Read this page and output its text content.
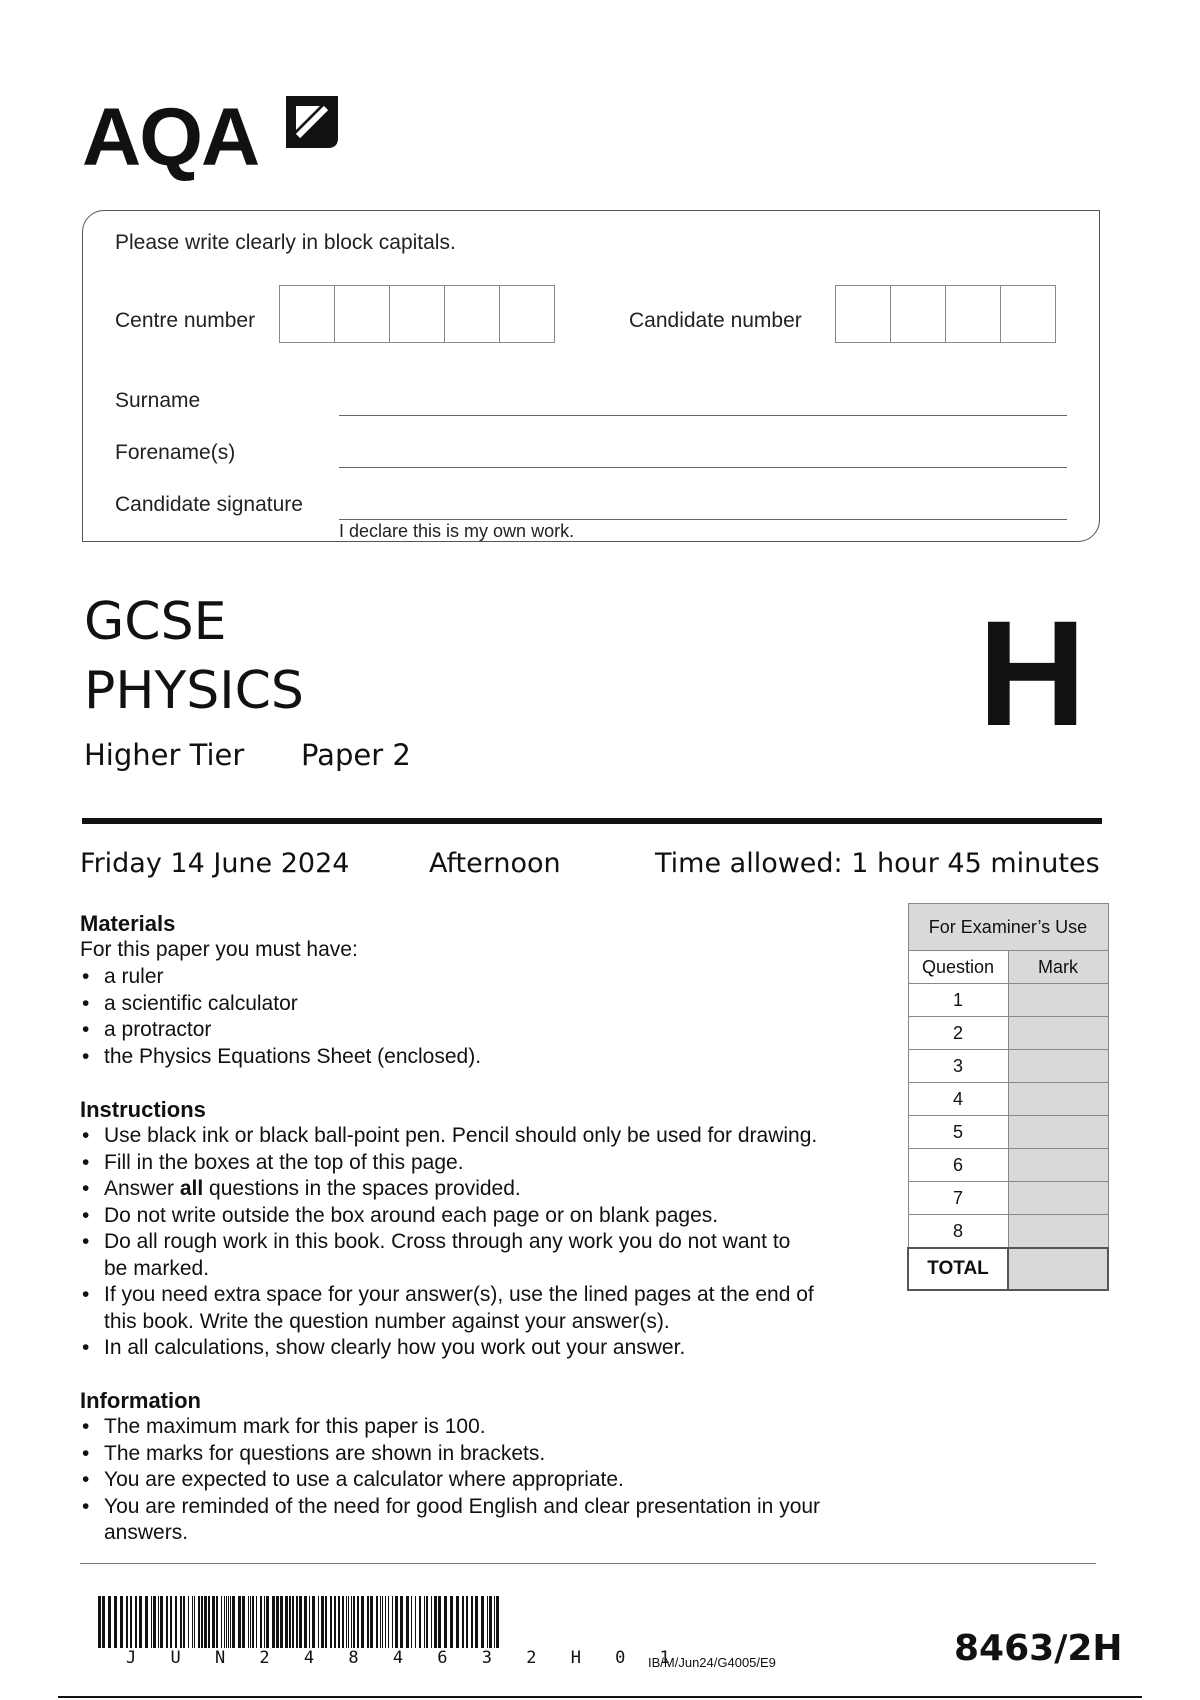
AQA
Please write clearly in block capitals.
Centre number	Candidate number
Surname
Forename(s)
Candidate signature
I declare this is my own work.
GCSE
PHYSICS
Higher Tier Paper 2	H
Friday 14 June 2024	Afternoon	Time allowed: 1 hour 45 minutes
Materials
For this paper you must have:
• a ruler
• a scientific calculator
• a protractor
• the Physics Equations Sheet (enclosed).
Instructions
• Use black ink or black ball-point pen. Pencil should only be used for drawing.
• Fill in the boxes at the top of this page.
• Answer all questions in the spaces provided.
• Do not write outside the box around each page or on blank pages.
• Do all rough work in this book. Cross through any work you do not want to be marked.
• If you need extra space for your answer(s), use the lined pages at the end of this book. Write the question number against your answer(s).
• In all calculations, show clearly how you work out your answer.
Information
• The maximum mark for this paper is 100.
• The marks for questions are shown in brackets.
• You are expected to use a calculator where appropriate.
• You are reminded of the need for good English and clear presentation in your answers.
For Examiner’s Use	
Question	Mark
1	
2	
3	
4	
5	
6	
7	
8	
TOTAL	
J U N 2 4 8 4 6 3 2 H 0 1
IB/M/Jun24/G4005/E9	8463/2H
